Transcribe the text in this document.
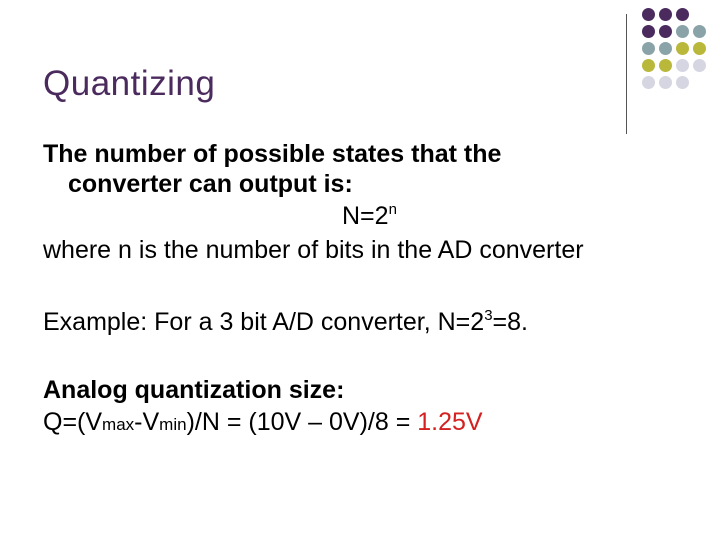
Quantizing
The number of possible states that the
converter can output is:
$N=2^n$
where n is the number of bits in the AD converter
Example: For a 3 bit A/D converter, $N=2^3=8$.
Analog quantization size:
Q=(Vmax-Vmin)/N = (10V – 0V)/8 = 1.25V
